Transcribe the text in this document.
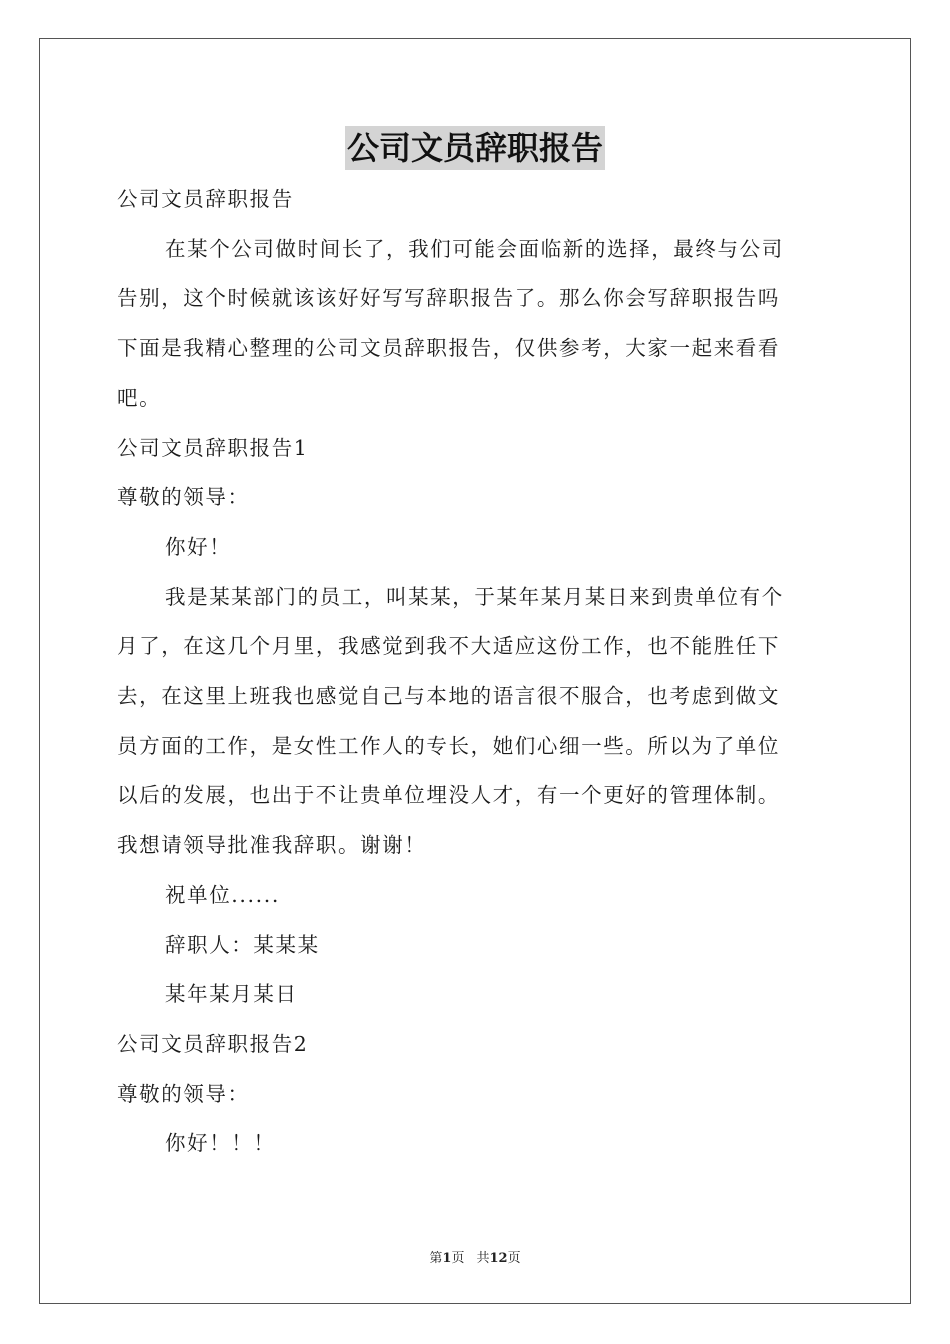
公司文员辞职报告

公司文员辞职报告

在某个公司做时间长了，我们可能会面临新的选择，最终与公司

告别，这个时候就该该好好写写辞职报告了。那么你会写辞职报告吗

下面是我精心整理的公司文员辞职报告，仅供参考，大家一起来看看

吧。

公司文员辞职报告1

尊敬的领导：

你好！

我是某某部门的员工，叫某某，于某年某月某日来到贵单位有个

月了，在这几个月里，我感觉到我不大适应这份工作，也不能胜任下

去，在这里上班我也感觉自己与本地的语言很不服合，也考虑到做文

员方面的工作，是女性工作人的专长，她们心细一些。所以为了单位

以后的发展，也出于不让贵单位埋没人才，有一个更好的管理体制。

我想请领导批准我辞职。谢谢！

祝单位......

辞职人：某某某

某年某月某日

公司文员辞职报告2

尊敬的领导：

你好！！！

第1页 共12页
